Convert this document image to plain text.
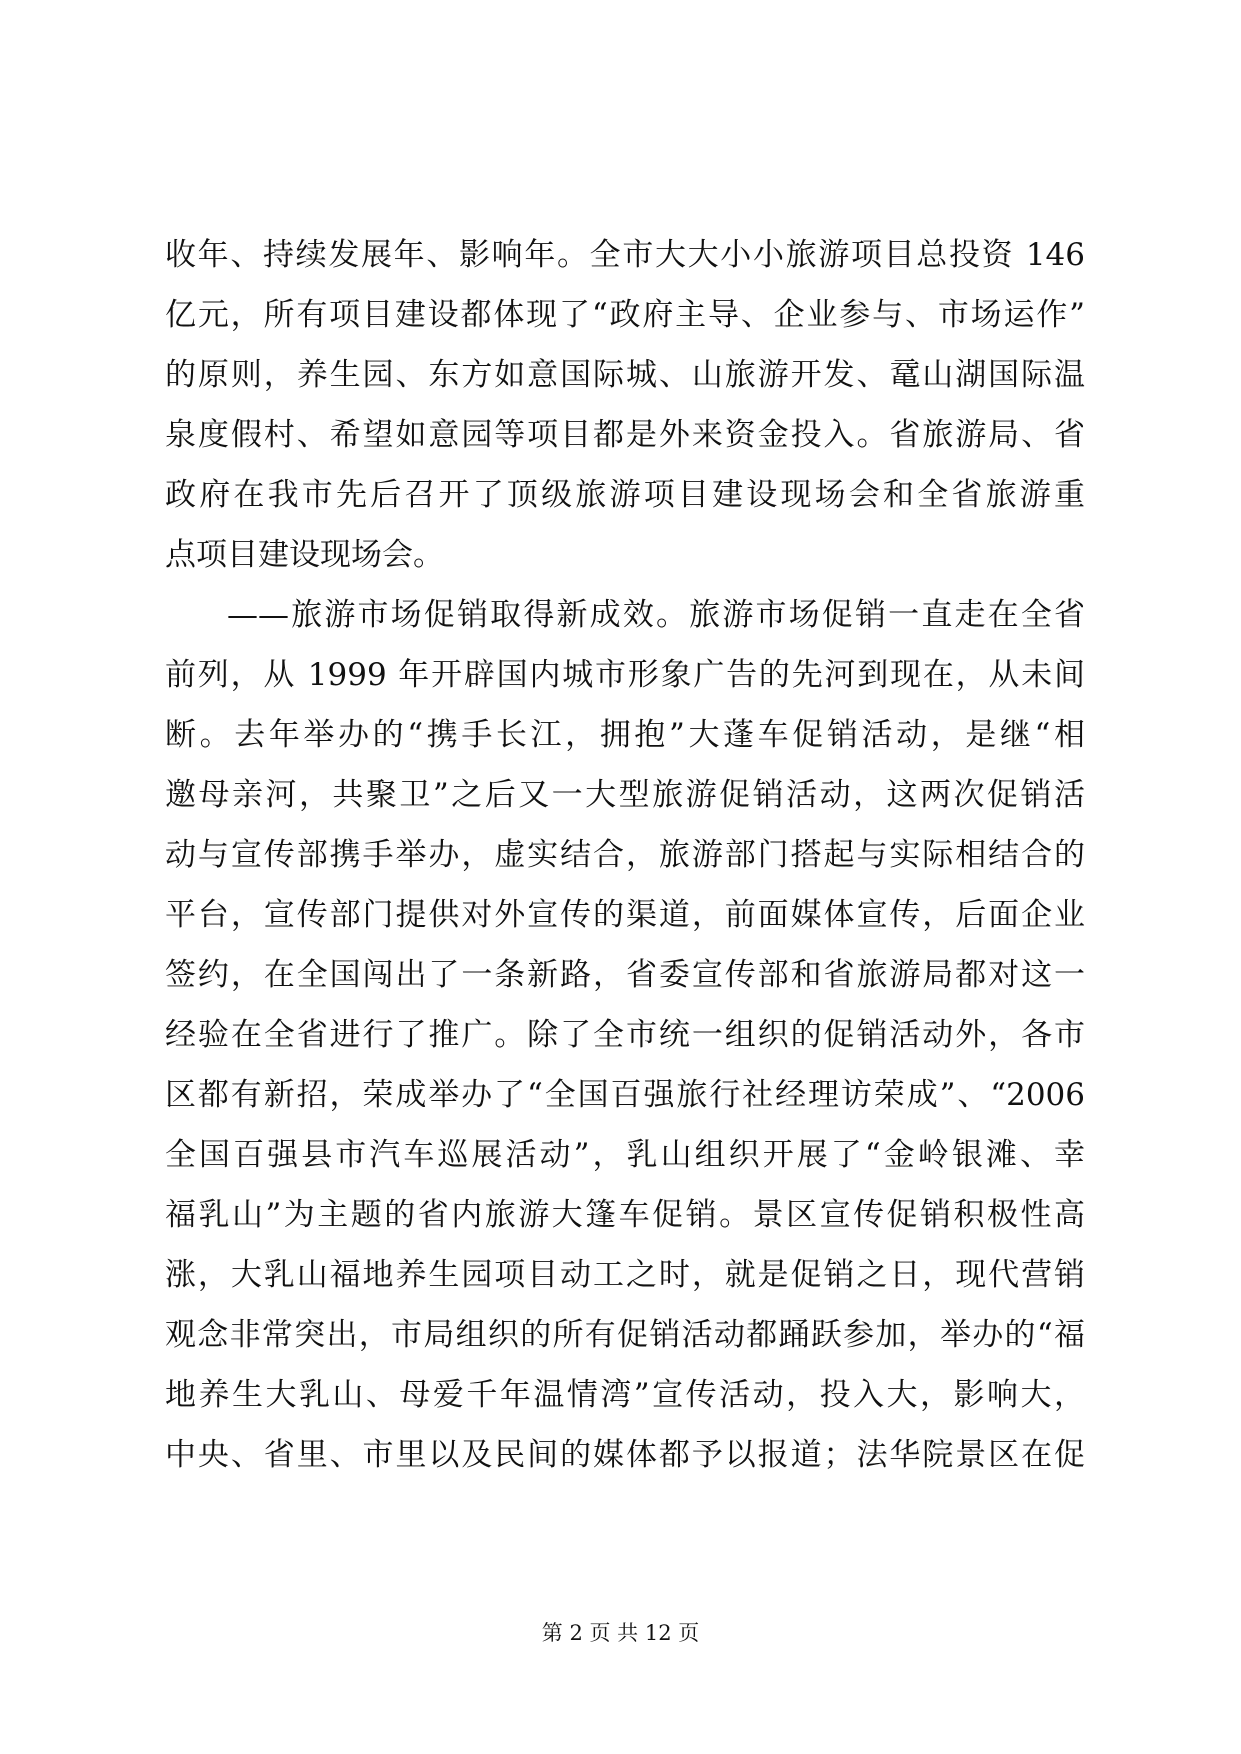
收年、持续发展年、影响年。全市大大小小旅游项目总投资 146
亿元，所有项目建设都体现了“政府主导、企业参与、市场运作”
的原则，养生园、东方如意国际城、山旅游开发、鼋山湖国际温
泉度假村、希望如意园等项目都是外来资金投入。省旅游局、省
政府在我市先后召开了顶级旅游项目建设现场会和全省旅游重
点项目建设现场会。
——旅游市场促销取得新成效。旅游市场促销一直走在全省
前列，从 1999 年开辟国内城市形象广告的先河到现在，从未间
断。去年举办的“携手长江，拥抱”大蓬车促销活动，是继“相
邀母亲河，共聚卫”之后又一大型旅游促销活动，这两次促销活
动与宣传部携手举办，虚实结合，旅游部门搭起与实际相结合的
平台，宣传部门提供对外宣传的渠道，前面媒体宣传，后面企业
签约，在全国闯出了一条新路，省委宣传部和省旅游局都对这一
经验在全省进行了推广。除了全市统一组织的促销活动外，各市
区都有新招，荣成举办了“全国百强旅行社经理访荣成”、“2006
全国百强县市汽车巡展活动”，乳山组织开展了“金岭银滩、幸
福乳山”为主题的省内旅游大篷车促销。景区宣传促销积极性高
涨，大乳山福地养生园项目动工之时，就是促销之日，现代营销
观念非常突出，市局组织的所有促销活动都踊跃参加，举办的“福
地养生大乳山、母爱千年温情湾”宣传活动，投入大，影响大，
中央、省里、市里以及民间的媒体都予以报道；法华院景区在促
第 2 页 共 12 页
